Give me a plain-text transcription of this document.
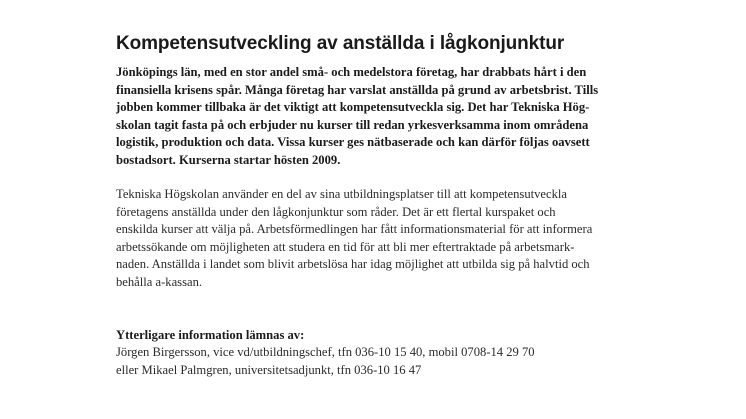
Kompetensutveckling av anställda i lågkonjunktur

Jönköpings län, med en stor andel små- och medelstora företag, har drabbats hårt i den
finansiella krisens spår. Många företag har varslat anställda på grund av arbetsbrist. Tills
jobben kommer tillbaka är det viktigt att kompetensutveckla sig. Det har Tekniska Hög-
skolan tagit fasta på och erbjuder nu kurser till redan yrkesverksamma inom områdena
logistik, produktion och data. Vissa kurser ges nätbaserade och kan därför följas oavsett
bostadsort. Kurserna startar hösten 2009.

Tekniska Högskolan använder en del av sina utbildningsplatser till att kompetensutveckla
företagens anställda under den lågkonjunktur som råder. Det är ett flertal kurspaket och
enskilda kurser att välja på. Arbetsförmedlingen har fått informationsmaterial för att informera
arbetssökande om möjligheten att studera en tid för att bli mer eftertraktade på arbetsmark-
naden. Anställda i landet som blivit arbetslösa har idag möjlighet att utbilda sig på halvtid och
behålla a-kassan.

Ytterligare information lämnas av:
Jörgen Birgersson, vice vd/utbildningschef, tfn 036-10 15 40, mobil 0708-14 29 70
eller Mikael Palmgren, universitetsadjunkt, tfn 036-10 16 47
